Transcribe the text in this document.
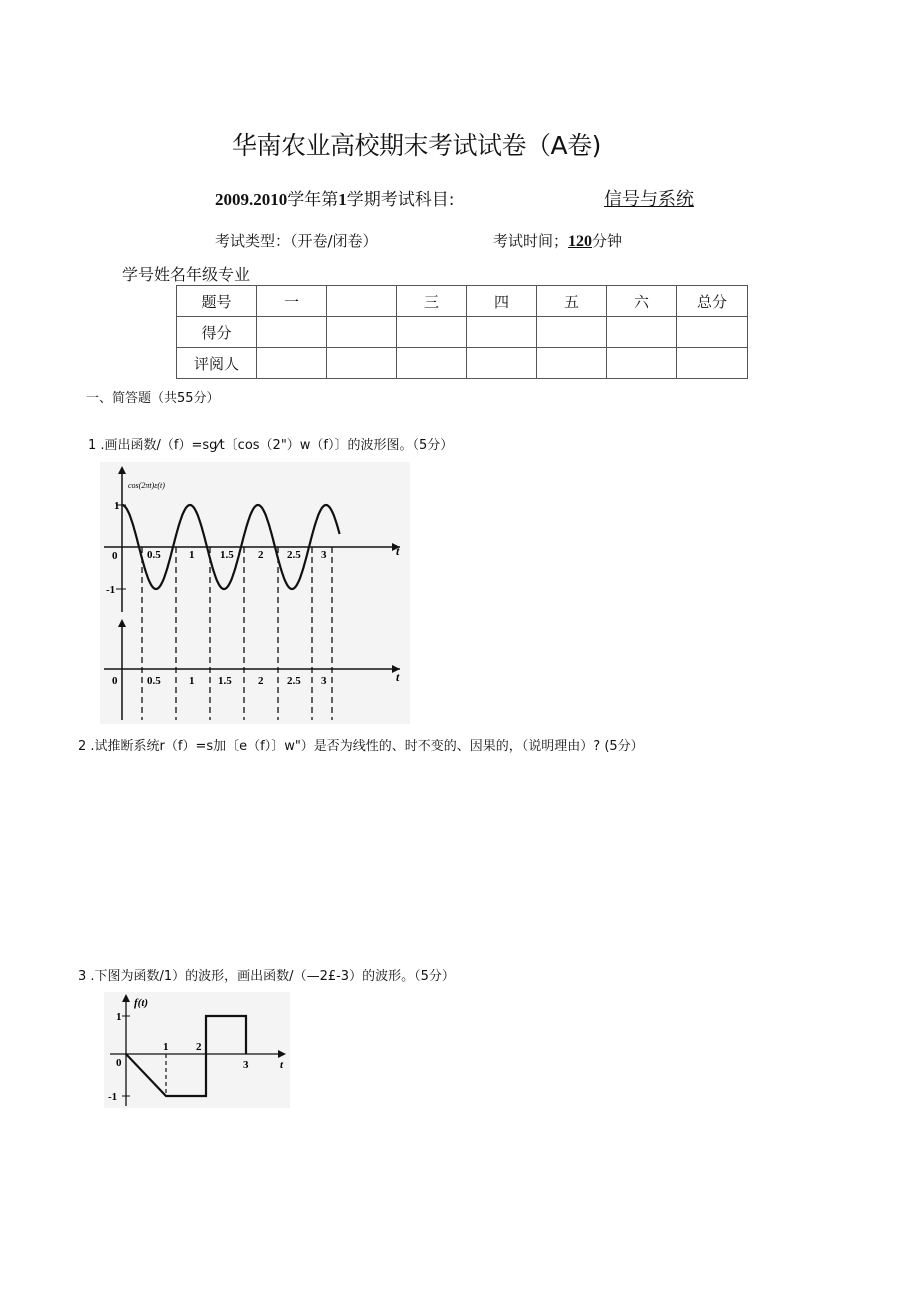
华南农业高校期末考试试卷（A卷)
2009.2010学年第1学期考试科目:	信号与系统
考试类型：（开卷/闭卷）	考试时间；120分钟
学号姓名年级专业
题号	一		三	四	五	六	总分
得分							
评阅人							
一、简答题（共55分）
1 .画出函数/（f）=sg⁄t〔cos（2"）w（f）〕的波形图。（5分）
2 .试推断系统r（f）=s加〔e（f）〕w"）是否为线性的、时不变的、因果的，（说明理由）? (5分）
3 .下图为函数/1）的波形，画出函数/（—2£-3）的波形。（5分）
cos(2πt)ε(t)
1
0
-1
0.5	1 1.5 2 2.5 3	t
0	0.5	1 1.5 2 2.5 3	t
f(t)
1
0
-1
1	2
3	t
